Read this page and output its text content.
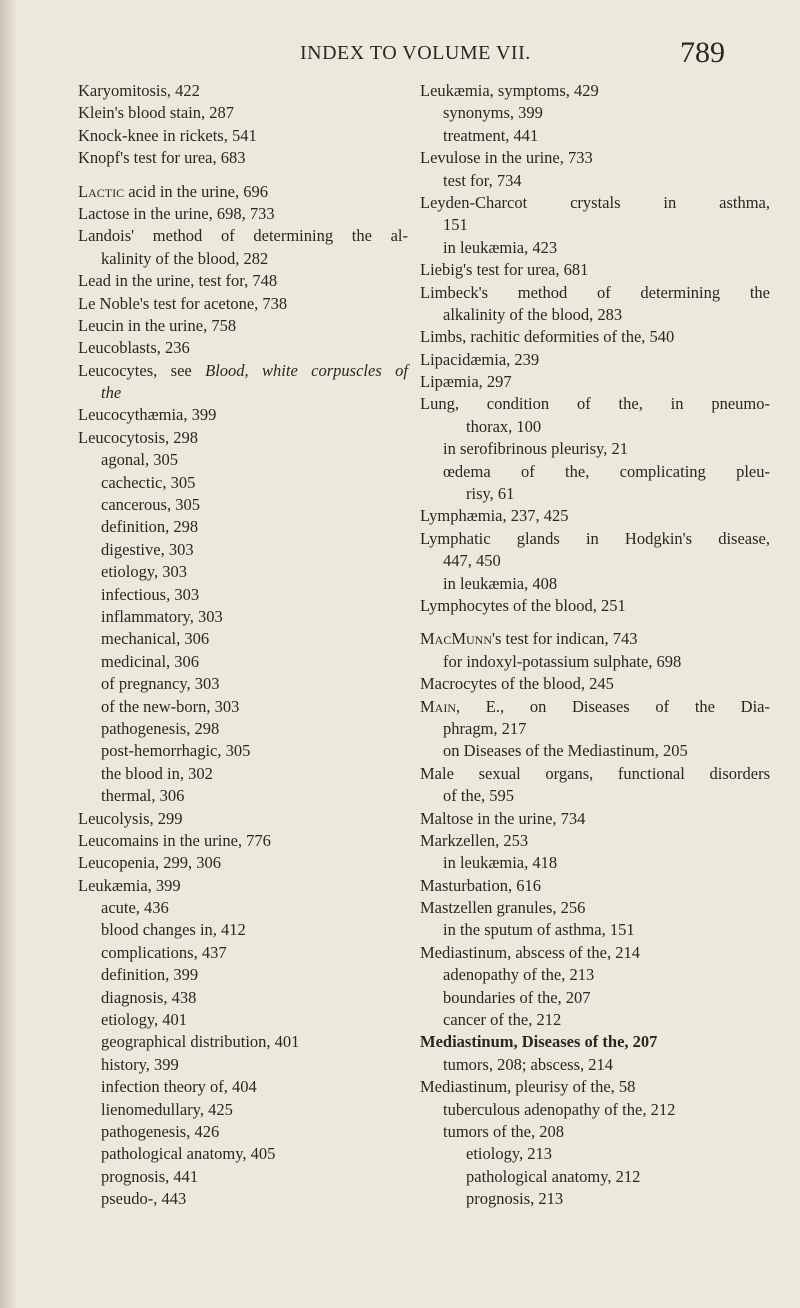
INDEX TO VOLUME VII.	789
Karyomitosis, 422
Klein's blood stain, 287
Knock-knee in rickets, 541
Knopf's test for urea, 683
Lactic acid in the urine, 696
Lactose in the urine, 698, 733
Landois' method of determining the al-
kalinity of the blood, 282
Lead in the urine, test for, 748
Le Noble's test for acetone, 738
Leucin in the urine, 758
Leucoblasts, 236
Leucocytes, see Blood, white corpuscles of
the
Leucocythæmia, 399
Leucocytosis, 298
agonal, 305
cachectic, 305
cancerous, 305
definition, 298
digestive, 303
etiology, 303
infectious, 303
inflammatory, 303
mechanical, 306
medicinal, 306
of pregnancy, 303
of the new-born, 303
pathogenesis, 298
post-hemorrhagic, 305
the blood in, 302
thermal, 306
Leucolysis, 299
Leucomains in the urine, 776
Leucopenia, 299, 306
Leukæmia, 399
acute, 436
blood changes in, 412
complications, 437
definition, 399
diagnosis, 438
etiology, 401
geographical distribution, 401
history, 399
infection theory of, 404
lienomedullary, 425
pathogenesis, 426
pathological anatomy, 405
prognosis, 441
pseudo-, 443
Leukæmia, symptoms, 429
synonyms, 399
treatment, 441
Levulose in the urine, 733
test for, 734
Leyden-Charcot crystals in asthma,
151
in leukæmia, 423
Liebig's test for urea, 681
Limbeck's method of determining the
alkalinity of the blood, 283
Limbs, rachitic deformities of the, 540
Lipacidæmia, 239
Lipæmia, 297
Lung, condition of the, in pneumo-
thorax, 100
in serofibrinous pleurisy, 21
œdema of the, complicating pleu-
risy, 61
Lymphæmia, 237, 425
Lymphatic glands in Hodgkin's disease,
447, 450
in leukæmia, 408
Lymphocytes of the blood, 251
MacMunn's test for indican, 743
for indoxyl-potassium sulphate, 698
Macrocytes of the blood, 245
Main, E., on Diseases of the Dia-
phragm, 217
on Diseases of the Mediastinum, 205
Male sexual organs, functional disorders
of the, 595
Maltose in the urine, 734
Markzellen, 253
in leukæmia, 418
Masturbation, 616
Mastzellen granules, 256
in the sputum of asthma, 151
Mediastinum, abscess of the, 214
adenopathy of the, 213
boundaries of the, 207
cancer of the, 212
Mediastinum, Diseases of the, 207
tumors, 208; abscess, 214
Mediastinum, pleurisy of the, 58
tuberculous adenopathy of the, 212
tumors of the, 208
etiology, 213
pathological anatomy, 212
prognosis, 213
